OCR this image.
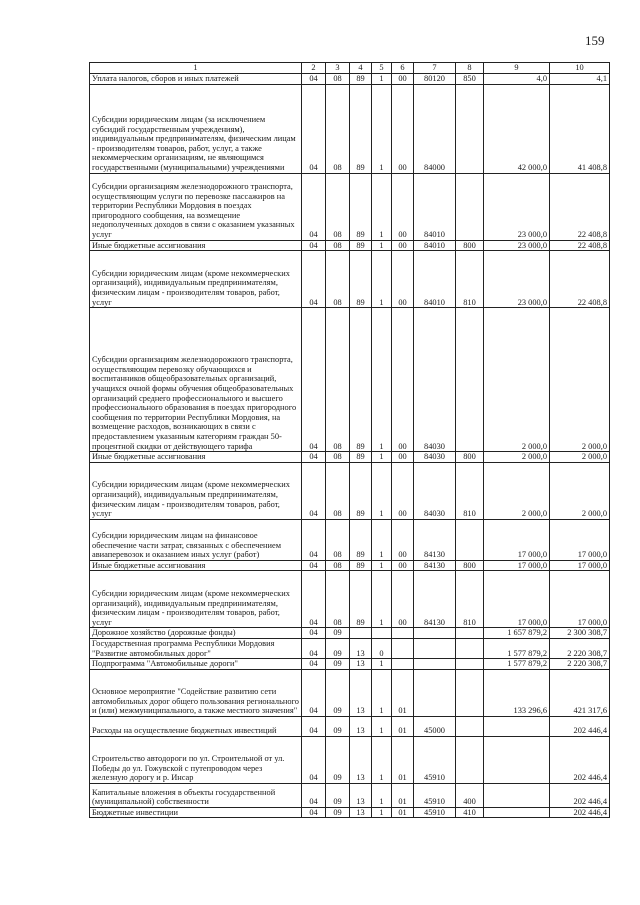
159
1	2	3	4	5	6	7	8	9	10
Уплата налогов, сборов и иных платежей	04	08	89	1	00	80120	850	4,0	4,1
Субсидии юридическим лицам (за исключением субсидий государственным учреждениям), индивидуальным предпринимателям, физическим лицам - производителям товаров, работ, услуг, а также некоммерческим организациям, не являющимся государственными (муниципальными) учреждениями	04	08	89	1	00	84000		42 000,0	41 408,8
Субсидии организациям железнодорожного транспорта, осуществляющим услуги по перевозке пассажиров на территории Республики Мордовия в поездах пригородного сообщения, на возмещение недополученных доходов в связи с оказанием указанных услуг	04	08	89	1	00	84010		23 000,0	22 408,8
Иные бюджетные ассигнования	04	08	89	1	00	84010	800	23 000,0	22 408,8
Субсидии юридическим лицам (кроме некоммерческих организаций), индивидуальным предпринимателям, физическим лицам - производителям товаров, работ, услуг	04	08	89	1	00	84010	810	23 000,0	22 408,8
Субсидии организациям железнодорожного транспорта, осуществляющим перевозку обучающихся и воспитанников общеобразовательных организаций, учащихся очной формы обучения общеобразовательных организаций среднего профессионального и высшего профессионального образования в поездах пригородного сообщения по территории Республики Мордовия, на возмещение расходов, возникающих в связи с предоставлением указанным категориям граждан 50-процентной скидки от действующего тарифа	04	08	89	1	00	84030		2 000,0	2 000,0
Иные бюджетные ассигнования	04	08	89	1	00	84030	800	2 000,0	2 000,0
Субсидии юридическим лицам (кроме некоммерческих организаций), индивидуальным предпринимателям, физическим лицам - производителям товаров, работ, услуг	04	08	89	1	00	84030	810	2 000,0	2 000,0
Субсидии юридическим лицам на финансовое обеспечение части затрат, связанных с обеспечением авиаперевозок и оказанием иных услуг (работ)	04	08	89	1	00	84130		17 000,0	17 000,0
Иные бюджетные ассигнования	04	08	89	1	00	84130	800	17 000,0	17 000,0
Субсидии юридическим лицам (кроме некоммерческих организаций), индивидуальным предпринимателям, физическим лицам - производителям товаров, работ, услуг	04	08	89	1	00	84130	810	17 000,0	17 000,0
Дорожное хозяйство (дорожные фонды)	04	09						1 657 879,2	2 300 308,7
Государственная программа Республики Мордовия "Развитие автомобильных дорог"	04	09	13	0				1 577 879,2	2 220 308,7
Подпрограмма "Автомобильные дороги"	04	09	13	1				1 577 879,2	2 220 308,7
Основное мероприятие "Содействие развитию сети автомобильных дорог общего пользования регионального и (или) межмуниципального, а также местного значения"	04	09	13	1	01			133 296,6	421 317,6
Расходы на осуществление бюджетных инвестиций	04	09	13	1	01	45000			202 446,4
Строительство автодороги по ул. Строительной от ул. Победы до ул. Гожувской с путепроводом через железную дорогу и р. Инсар	04	09	13	1	01	45910			202 446,4
Капитальные вложения в объекты государственной (муниципальной) собственности	04	09	13	1	01	45910	400		202 446,4
Бюджетные инвестиции	04	09	13	1	01	45910	410		202 446,4
